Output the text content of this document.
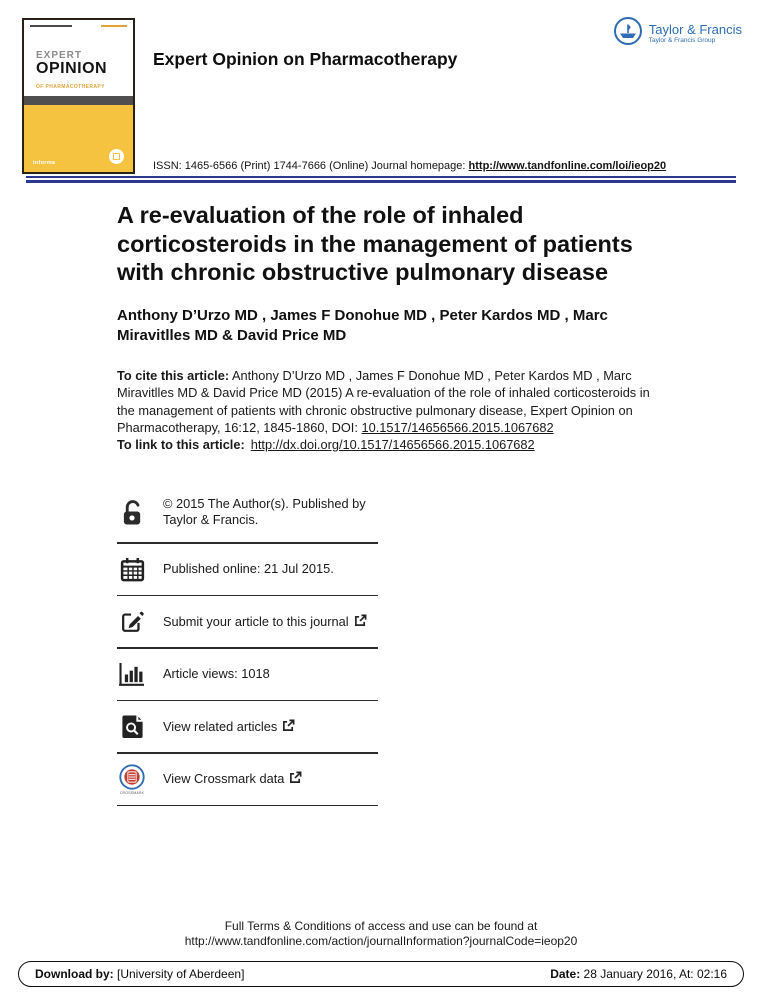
EXPERT
OPINION
OF PHARMACOTHERAPY
informa
Expert Opinion on Pharmacotherapy
Taylor & Francis
Taylor & Francis Group
ISSN: 1465-6566 (Print) 1744-7666 (Online) Journal homepage: http://www.tandfonline.com/loi/ieop20
A re-evaluation of the role of inhaled
corticosteroids in the management of patients
with chronic obstructive pulmonary disease
Anthony D’Urzo MD , James F Donohue MD , Peter Kardos MD , Marc Miravitlles MD & David Price MD
To cite this article: Anthony D’Urzo MD , James F Donohue MD , Peter Kardos MD , Marc Miravitlles MD & David Price MD (2015) A re-evaluation of the role of inhaled corticosteroids in the management of patients with chronic obstructive pulmonary disease, Expert Opinion on Pharmacotherapy, 16:12, 1845-1860, DOI: 10.1517/14656566.2015.1067682
To link to this article: http://dx.doi.org/10.1517/14656566.2015.1067682
© 2015 The Author(s). Published by Taylor & Francis.
Published online: 21 Jul 2015.
Submit your article to this journal
Article views: 1018
View related articles
CROSSMARK
View Crossmark data
Full Terms & Conditions of access and use can be found at
http://www.tandfonline.com/action/journalInformation?journalCode=ieop20
Download by: [University of Aberdeen]	Date: 28 January 2016, At: 02:16
